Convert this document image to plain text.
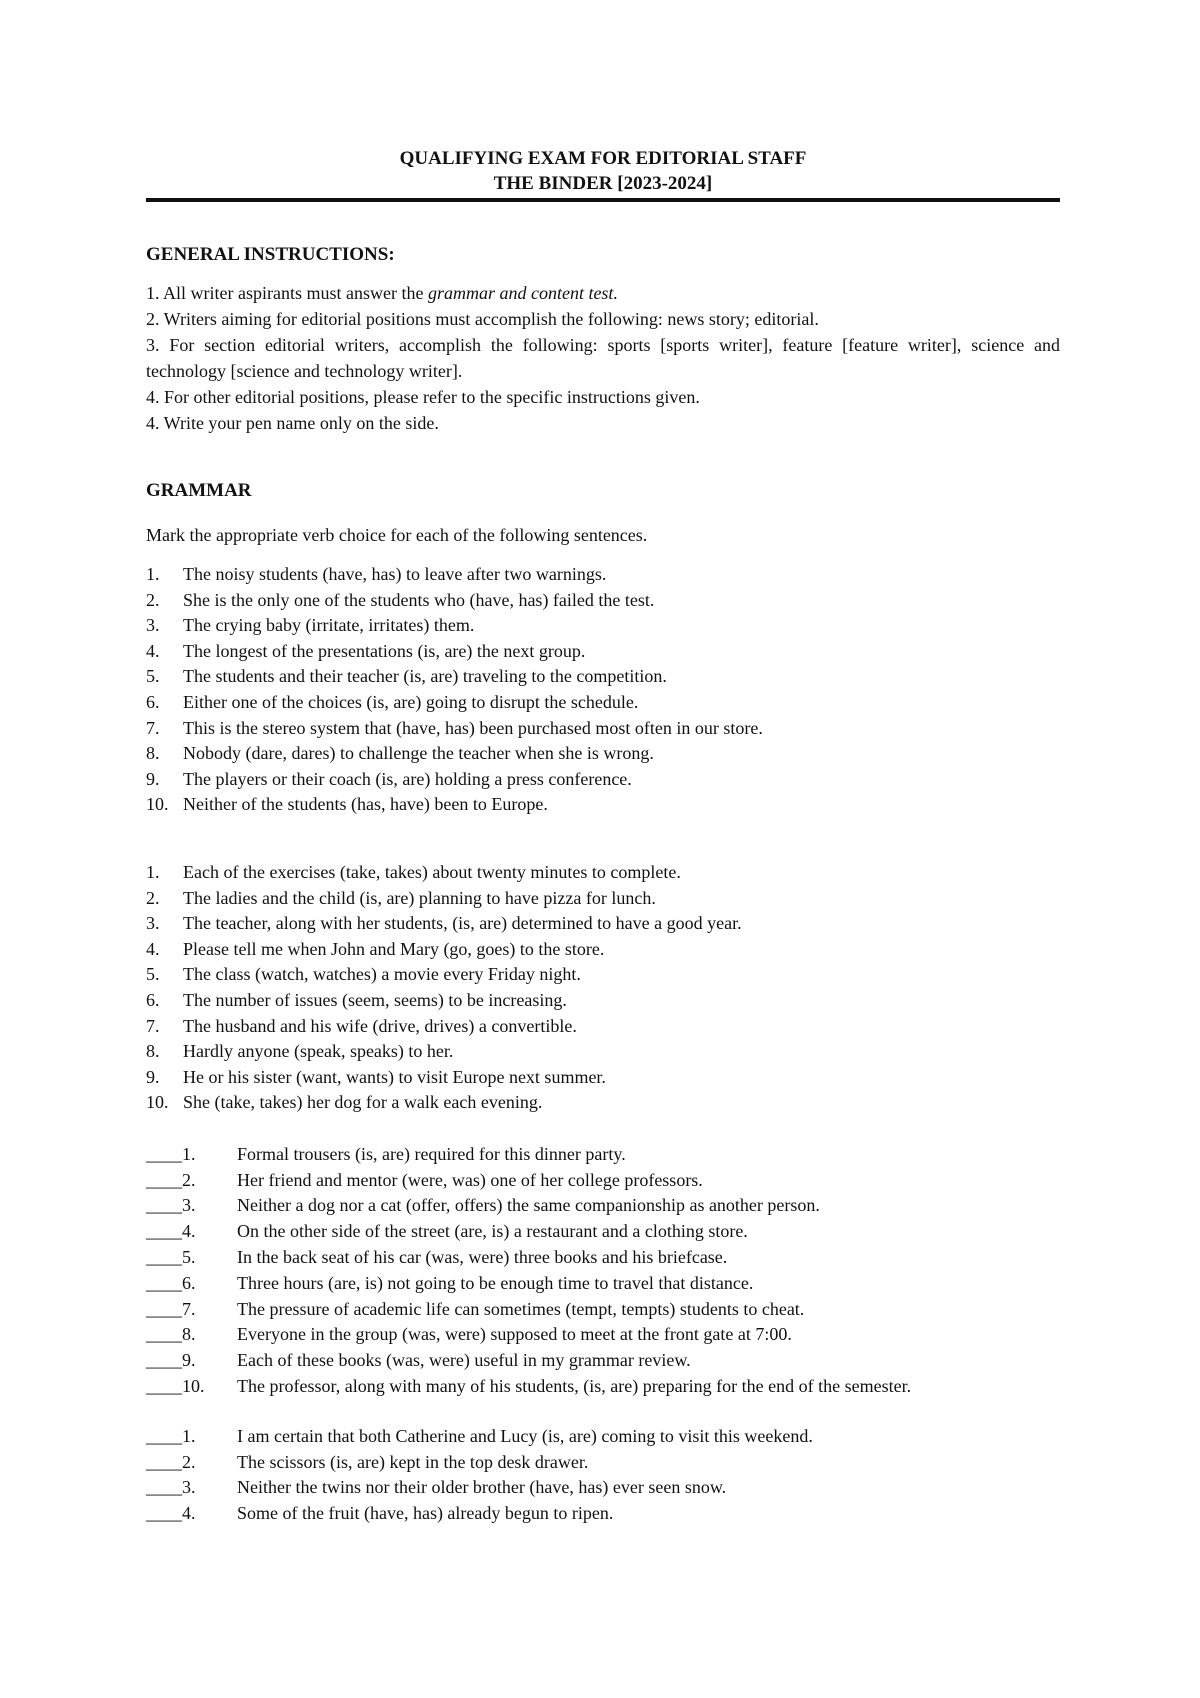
QUALIFYING EXAM FOR EDITORIAL STAFF
THE BINDER [2023-2024]
GENERAL INSTRUCTIONS:
1. All writer aspirants must answer the grammar and content test.
2. Writers aiming for editorial positions must accomplish the following: news story; editorial.
3. For section editorial writers, accomplish the following: sports [sports writer], feature [feature writer], science and technology [science and technology writer].
4. For other editorial positions, please refer to the specific instructions given.
4. Write your pen name only on the side.
GRAMMAR
Mark the appropriate verb choice for each of the following sentences.
1.	The noisy students (have, has) to leave after two warnings.
2.	She is the only one of the students who (have, has) failed the test.
3.	The crying baby (irritate, irritates) them.
4.	The longest of the presentations (is, are) the next group.
5.	The students and their teacher (is, are) traveling to the competition.
6.	Either one of the choices (is, are) going to disrupt the schedule.
7.	This is the stereo system that (have, has) been purchased most often in our store.
8.	Nobody (dare, dares) to challenge the teacher when she is wrong.
9.	The players or their coach (is, are) holding a press conference.
10. Neither of the students (has, have) been to Europe.
1.	Each of the exercises (take, takes) about twenty minutes to complete.
2.	The ladies and the child (is, are) planning to have pizza for lunch.
3.	The teacher, along with her students, (is, are) determined to have a good year.
4.	Please tell me when John and Mary (go, goes) to the store.
5.	The class (watch, watches) a movie every Friday night.
6.	The number of issues (seem, seems) to be increasing.
7.	The husband and his wife (drive, drives) a convertible.
8.	Hardly anyone (speak, speaks) to her.
9.	He or his sister (want, wants) to visit Europe next summer.
10. She (take, takes) her dog for a walk each evening.
____ 1.	Formal trousers (is, are) required for this dinner party.
____ 2.	Her friend and mentor (were, was) one of her college professors.
____ 3.	Neither a dog nor a cat (offer, offers) the same companionship as another person.
____ 4.	On the other side of the street (are, is) a restaurant and a clothing store.
____ 5.	In the back seat of his car (was, were) three books and his briefcase.
____ 6.	Three hours (are, is) not going to be enough time to travel that distance.
____ 7.	The pressure of academic life can sometimes (tempt, tempts) students to cheat.
____ 8.	Everyone in the group (was, were) supposed to meet at the front gate at 7:00.
____ 9.	Each of these books (was, were) useful in my grammar review.
____ 10.	The professor, along with many of his students, (is, are) preparing for the end of the semester.
____ 1.	I am certain that both Catherine and Lucy (is, are) coming to visit this weekend.
____ 2.	The scissors (is, are) kept in the top desk drawer.
____ 3.	Neither the twins nor their older brother (have, has) ever seen snow.
____ 4.	Some of the fruit (have, has) already begun to ripen.
